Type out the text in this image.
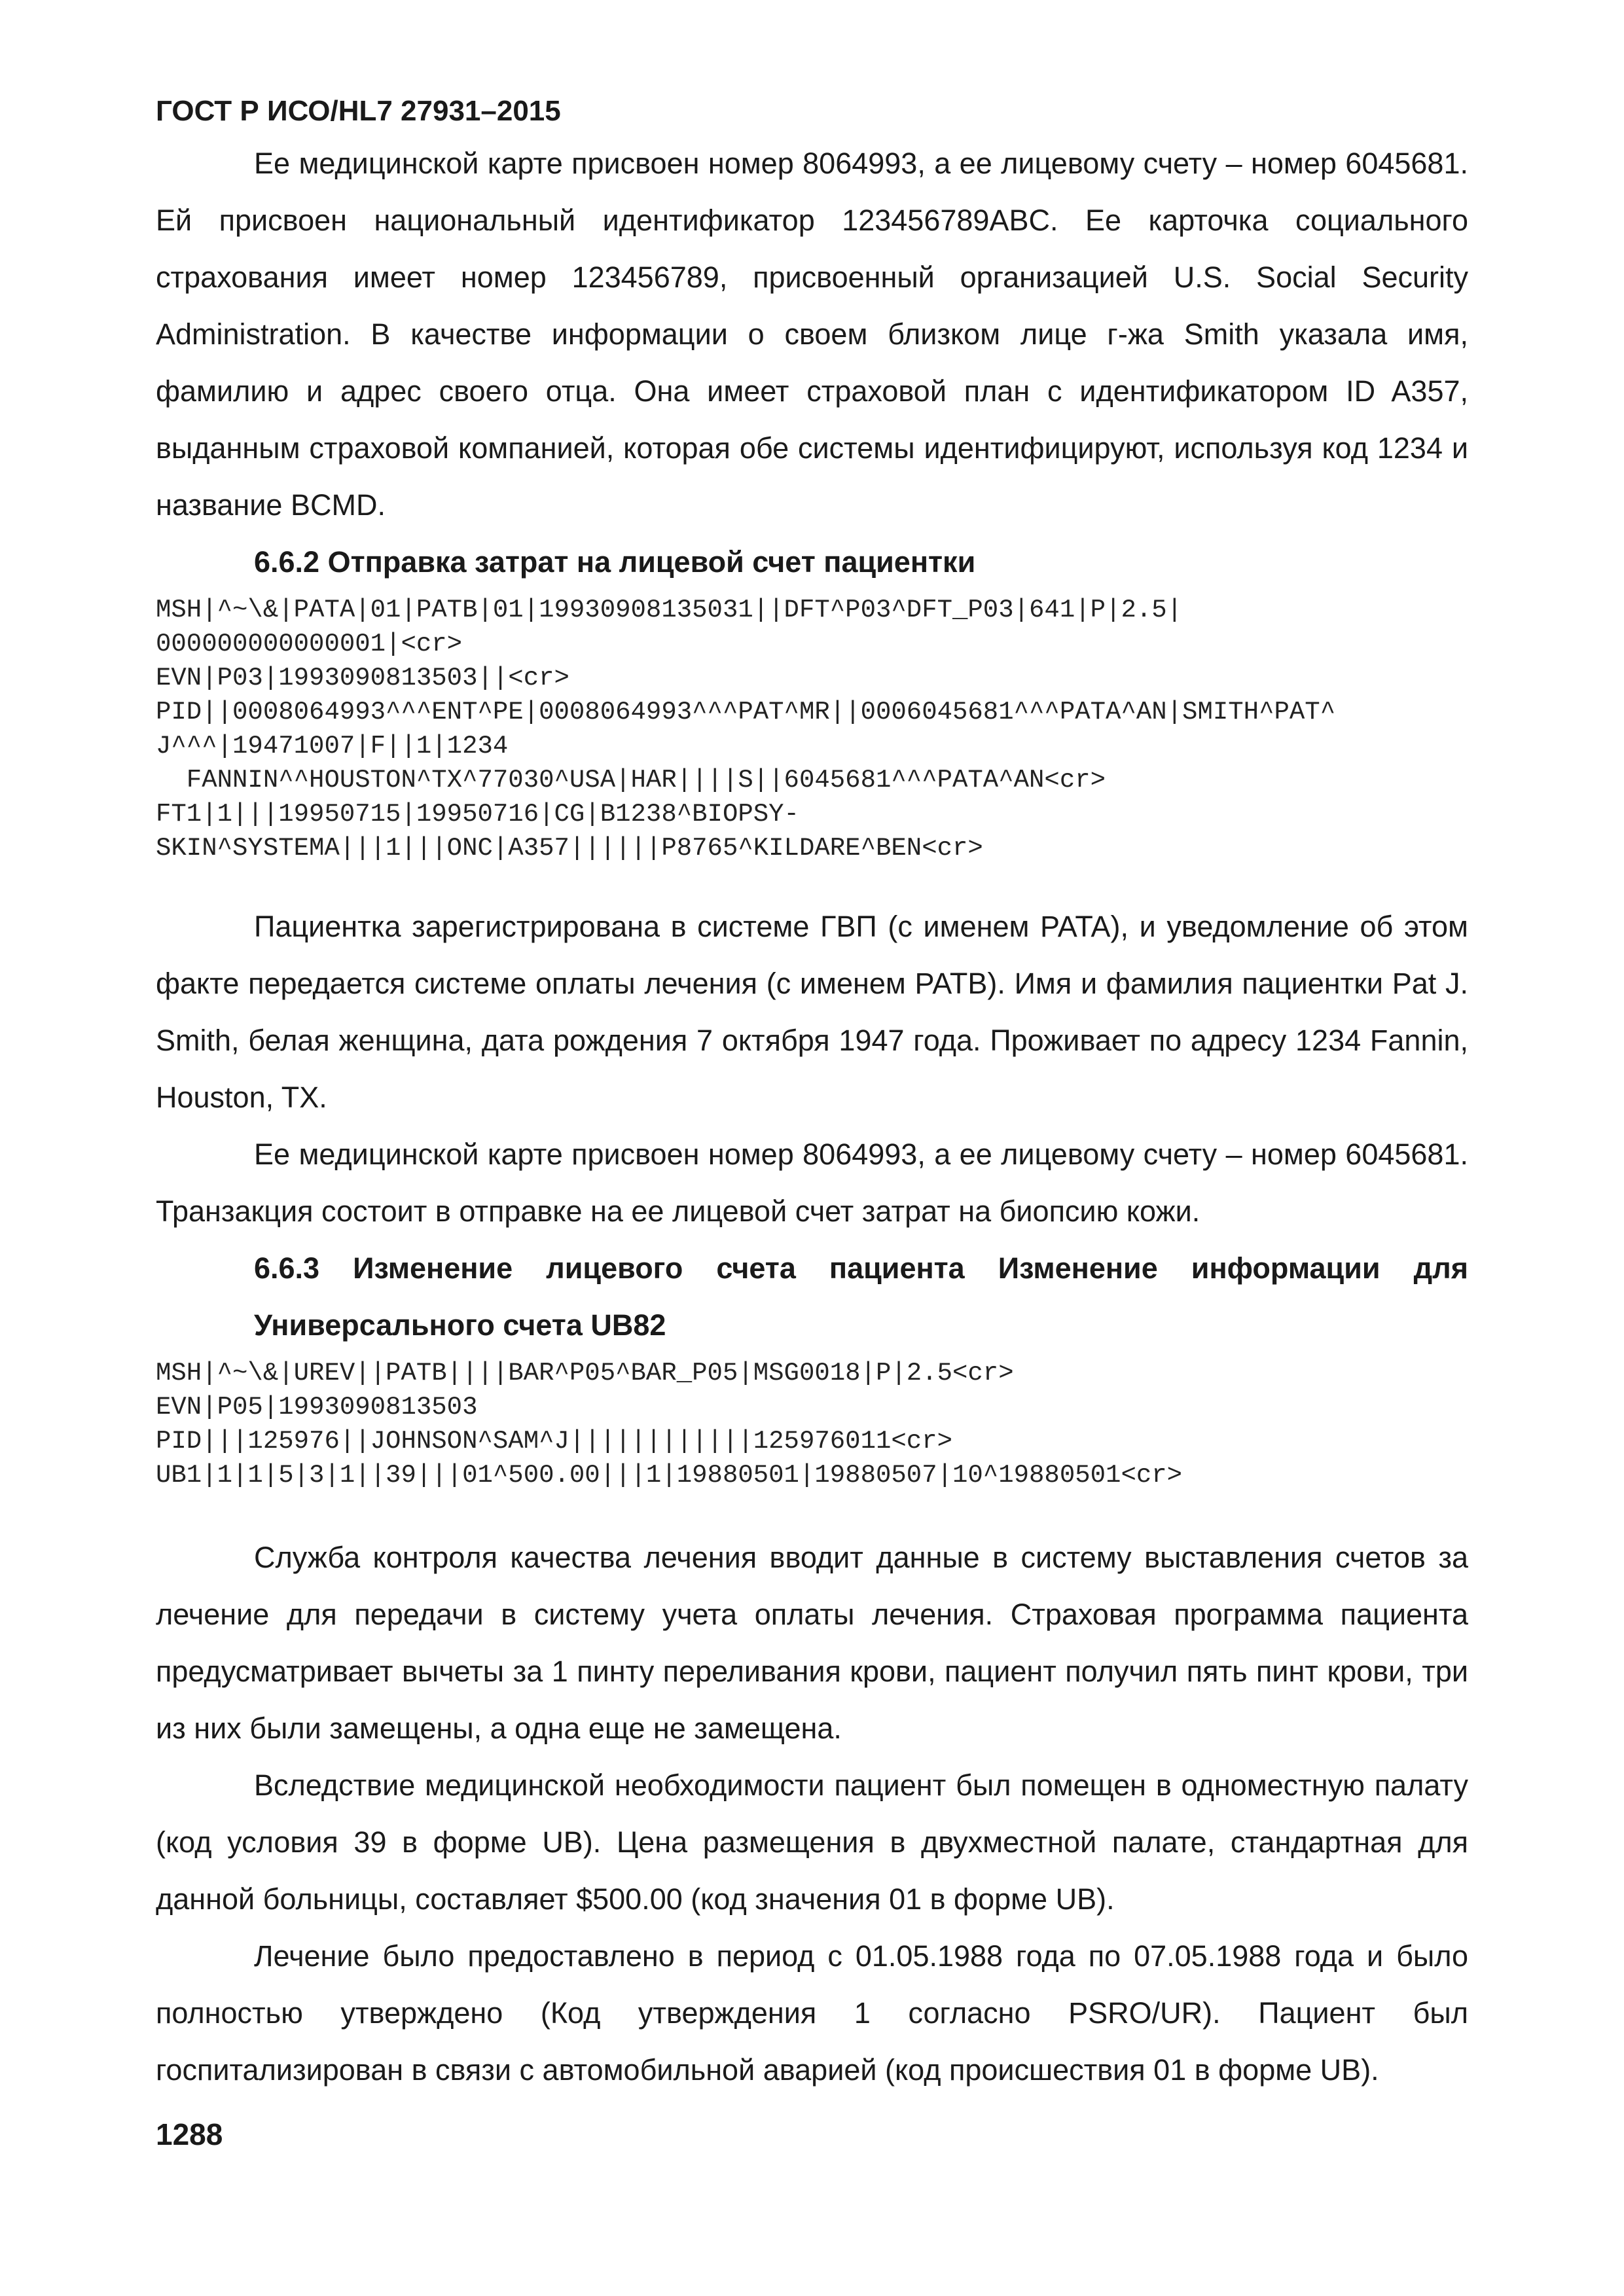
ГОСТ Р ИСО/HL7 27931–2015

Ее медицинской карте присвоен номер 8064993, а ее лицевому счету – номер 6045681. Ей присвоен национальный идентификатор 123456789ABC. Ее карточка социального страхования имеет номер 123456789, присвоенный организацией U.S. Social Security Administration. В качестве информации о своем близком лице г-жа Smith указала имя, фамилию и адрес своего отца. Она имеет страховой план с идентификатором ID A357, выданным страховой компанией, которая обе системы идентифицируют, используя код 1234 и название BCMD.

6.6.2 Отправка затрат на лицевой счет пациентки
MSH|^~\&|PATA|01|PATB|01|19930908135031||DFT^P03^DFT_P03|641|P|2.5|
000000000000001|<cr>
EVN|P03|1993090813503||<cr>
PID||0008064993^^^ENT^PE|0008064993^^^PAT^MR||0006045681^^^PATA^AN|SMITH^PAT^
J^^^|19471007|F||1|1234
FANNIN^^HOUSTON^TX^77030^USA|HAR||||S||6045681^^^PATA^AN<cr>
FT1|1|||19950715|19950716|CG|B1238^BIOPSY-
SKIN^SYSTEMA|||1|||ONC|A357||||||P8765^KILDARE^BEN<cr>

Пациентка зарегистрирована в системе ГВП (с именем PATA), и уведомление об этом факте передается системе оплаты лечения (с именем PATB). Имя и фамилия пациентки Pat J. Smith, белая женщина, дата рождения 7 октября 1947 года. Проживает по адресу 1234 Fannin, Houston, TX.

Ее медицинской карте присвоен номер 8064993, а ее лицевому счету – номер 6045681. Транзакция состоит в отправке на ее лицевой счет затрат на биопсию кожи.

6.6.3 Изменение лицевого счета пациента Изменение информации для Универсального счета UB82
MSH|^~\&|UREV||PATB||||BAR^P05^BAR_P05|MSG0018|P|2.5<cr>
EVN|P05|1993090813503
PID|||125976||JOHNSON^SAM^J||||||||||||125976011<cr>
UB1|1|1|5|3|1||39|||01^500.00|||1|19880501|19880507|10^19880501<cr>

Служба контроля качества лечения вводит данные в систему выставления счетов за лечение для передачи в систему учета оплаты лечения. Страховая программа пациента предусматривает вычеты за 1 пинту переливания крови, пациент получил пять пинт крови, три из них были замещены, а одна еще не замещена.

Вследствие медицинской необходимости пациент был помещен в одноместную палату (код условия 39 в форме UB). Цена размещения в двухместной палате, стандартная для данной больницы, составляет $500.00 (код значения 01 в форме UB).

Лечение было предоставлено в период с 01.05.1988 года по 07.05.1988 года и было полностью утверждено (Код утверждения 1 согласно PSRO/UR). Пациент был госпитализирован в связи с автомобильной аварией (код происшествия 01 в форме UB).

1288
